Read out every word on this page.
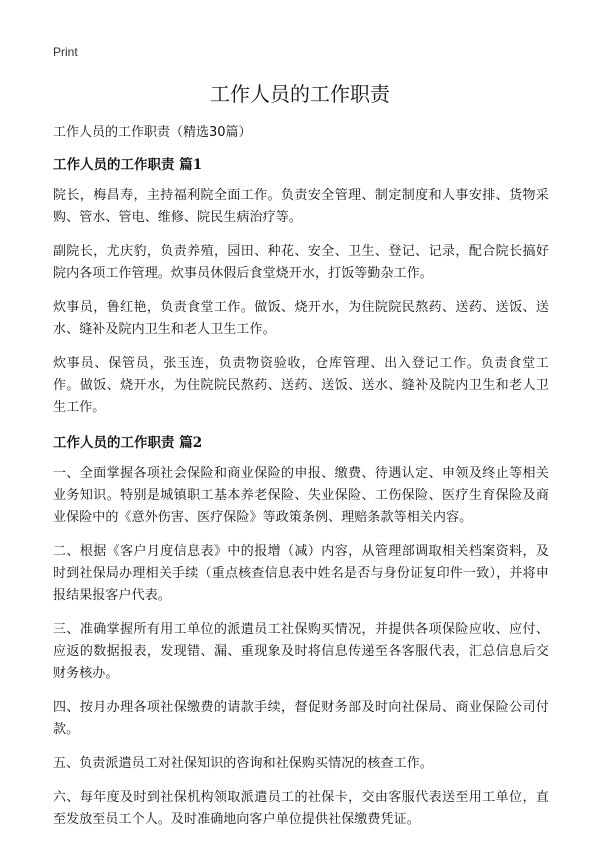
Print
工作人员的工作职责

工作人员的工作职责（精选30篇）

工作人员的工作职责 篇1

院长，梅昌寿，主持福利院全面工作。负责安全管理、制定制度和人事安排、货物采购、管水、管电、维修、院民生病治疗等。

副院长，尤庆豹，负责养殖，园田、种花、安全、卫生、登记、记录，配合院长搞好院内各项工作管理。炊事员休假后食堂烧开水，打饭等勤杂工作。

炊事员，鲁红艳，负责食堂工作。做饭、烧开水，为住院院民熬药、送药、送饭、送水、缝补及院内卫生和老人卫生工作。

炊事员、保管员，张玉连，负责物资验收，仓库管理、出入登记工作。负责食堂工作。做饭、烧开水，为住院院民熬药、送药、送饭、送水、缝补及院内卫生和老人卫生工作。

工作人员的工作职责 篇2

一、全面掌握各项社会保险和商业保险的申报、缴费、待遇认定、申领及终止等相关业务知识。特别是城镇职工基本养老保险、失业保险、工伤保险、医疗生育保险及商业保险中的《意外伤害、医疗保险》等政策条例、理赔条款等相关内容。

二、根据《客户月度信息表》中的报增（减）内容，从管理部调取相关档案资料，及时到社保局办理相关手续（重点核查信息表中姓名是否与身份证复印件一致），并将申报结果报客户代表。

三、准确掌握所有用工单位的派遣员工社保购买情况，并提供各项保险应收、应付、应返的数据报表，发现错、漏、重现象及时将信息传递至各客服代表，汇总信息后交财务核办。

四、按月办理各项社保缴费的请款手续，督促财务部及时向社保局、商业保险公司付款。

五、负责派遣员工对社保知识的咨询和社保购买情况的核查工作。

六、每年度及时到社保机构领取派遣员工的社保卡，交由客服代表送至用工单位，直至发放至员工个人。及时准确地向客户单位提供社保缴费凭证。
